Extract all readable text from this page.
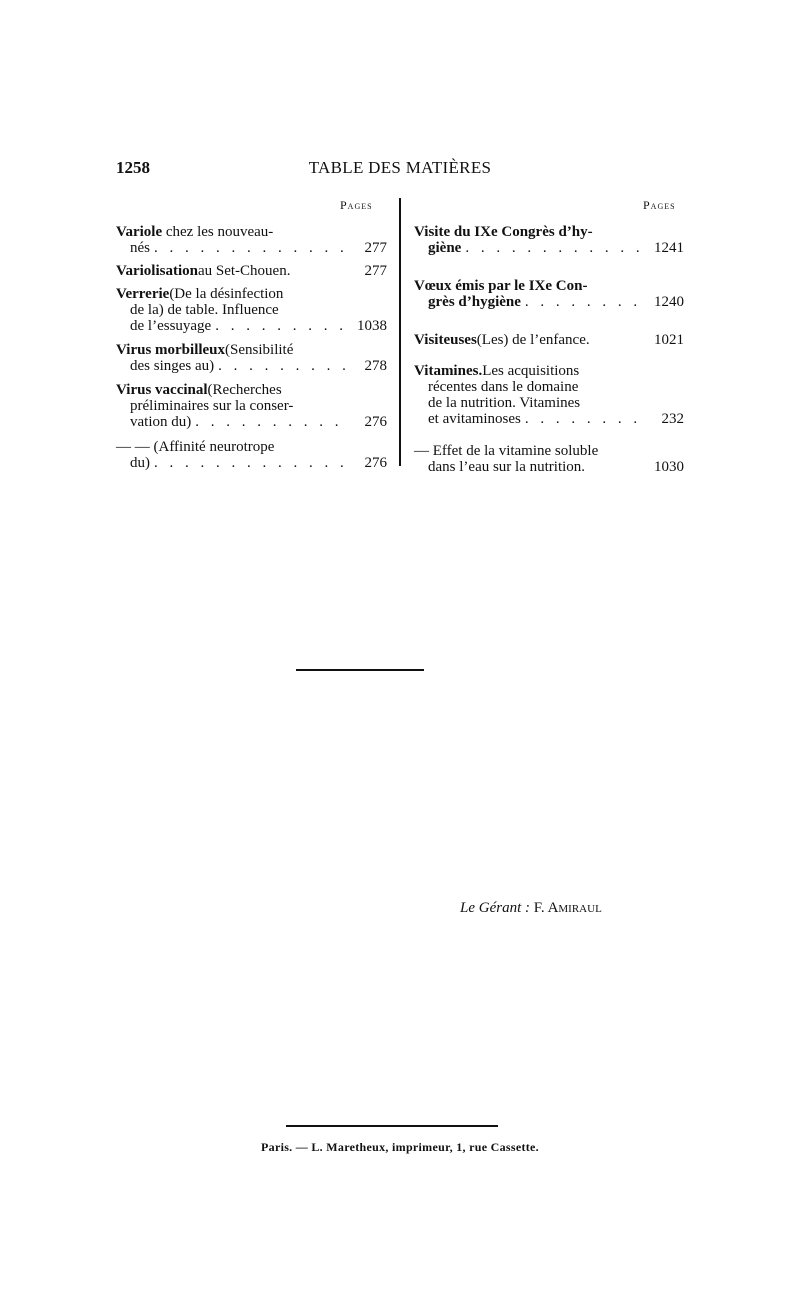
1258	TABLE DES MATIÈRES
Pages	Pages
Variole chez les nouveau-
nés . . .	277
Variolisation au Set-Chouen.	277
Verrerie (De la désinfection
de la) de table. Influence
de l’essuyage . . .	1038
Virus morbilleux (Sensibilité
des singes au) . . .	278
Virus vaccinal (Recherches
préliminaires sur la conser-
vation du) . . .	276
— — (Affinité neurotrope
du) . . .	276
Visite du IXe Congrès d’hy-
giène . . .	1241
Vœux émis par le IXe Con-
grès d’hygiène . . .	1240
Visiteuses (Les) de l’enfance.	1021
Vitamines. Les acquisitions
récentes dans le domaine
de la nutrition. Vitamines
et avitaminoses . . .	232
— Effet de la vitamine soluble
dans l’eau sur la nutrition.	1030
Le Gérant : F. Amiraul
Paris. — L. Maretheux, imprimeur, 1, rue Cassette.
